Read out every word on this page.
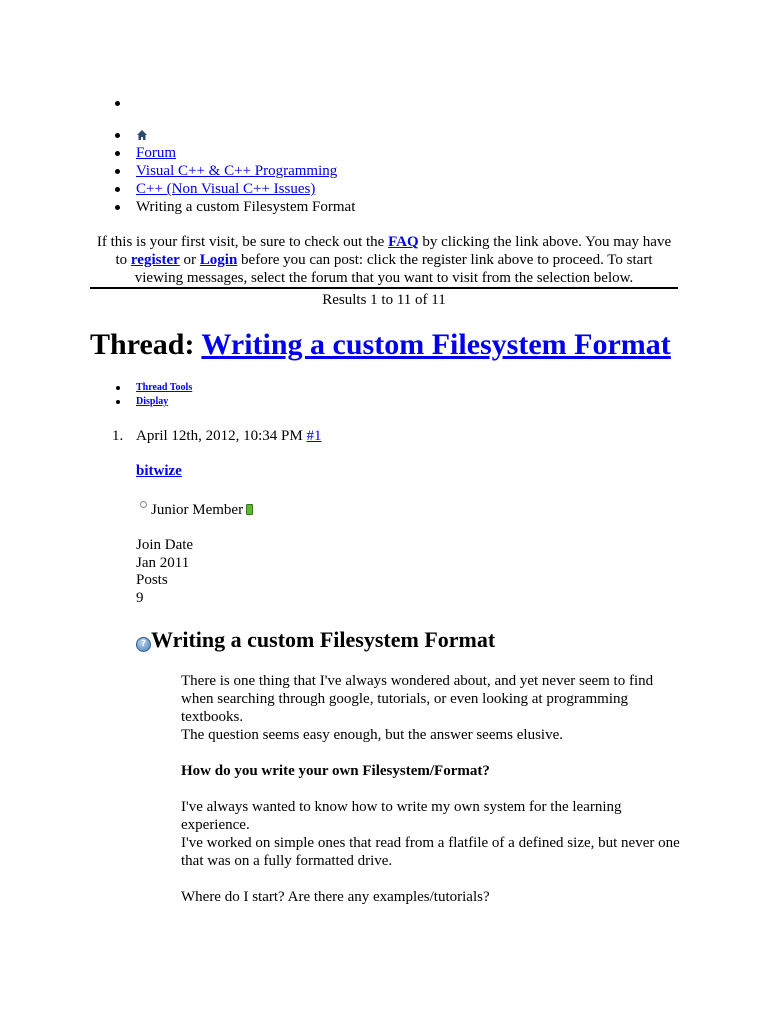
Forum
Visual C++ & C++ Programming
C++ (Non Visual C++ Issues)
Writing a custom Filesystem Format
If this is your first visit, be sure to check out the FAQ by clicking the link above. You may have to register or Login before you can post: click the register link above to proceed. To start viewing messages, select the forum that you want to visit from the selection below.
Results 1 to 11 of 11
Thread: Writing a custom Filesystem Format
Thread Tools
Display
1. April 12th, 2012, 10:34 PM #1
bitwize
Junior Member
Join Date
Jan 2011
Posts
9
? Writing a custom Filesystem Format

There is one thing that I've always wondered about, and yet never seem to find when searching through google, tutorials, or even looking at programming textbooks.
The question seems easy enough, but the answer seems elusive.

How do you write your own Filesystem/Format?

I've always wanted to know how to write my own system for the learning experience.
I've worked on simple ones that read from a flatfile of a defined size, but never one that was on a fully formatted drive.

Where do I start? Are there any examples/tutorials?
